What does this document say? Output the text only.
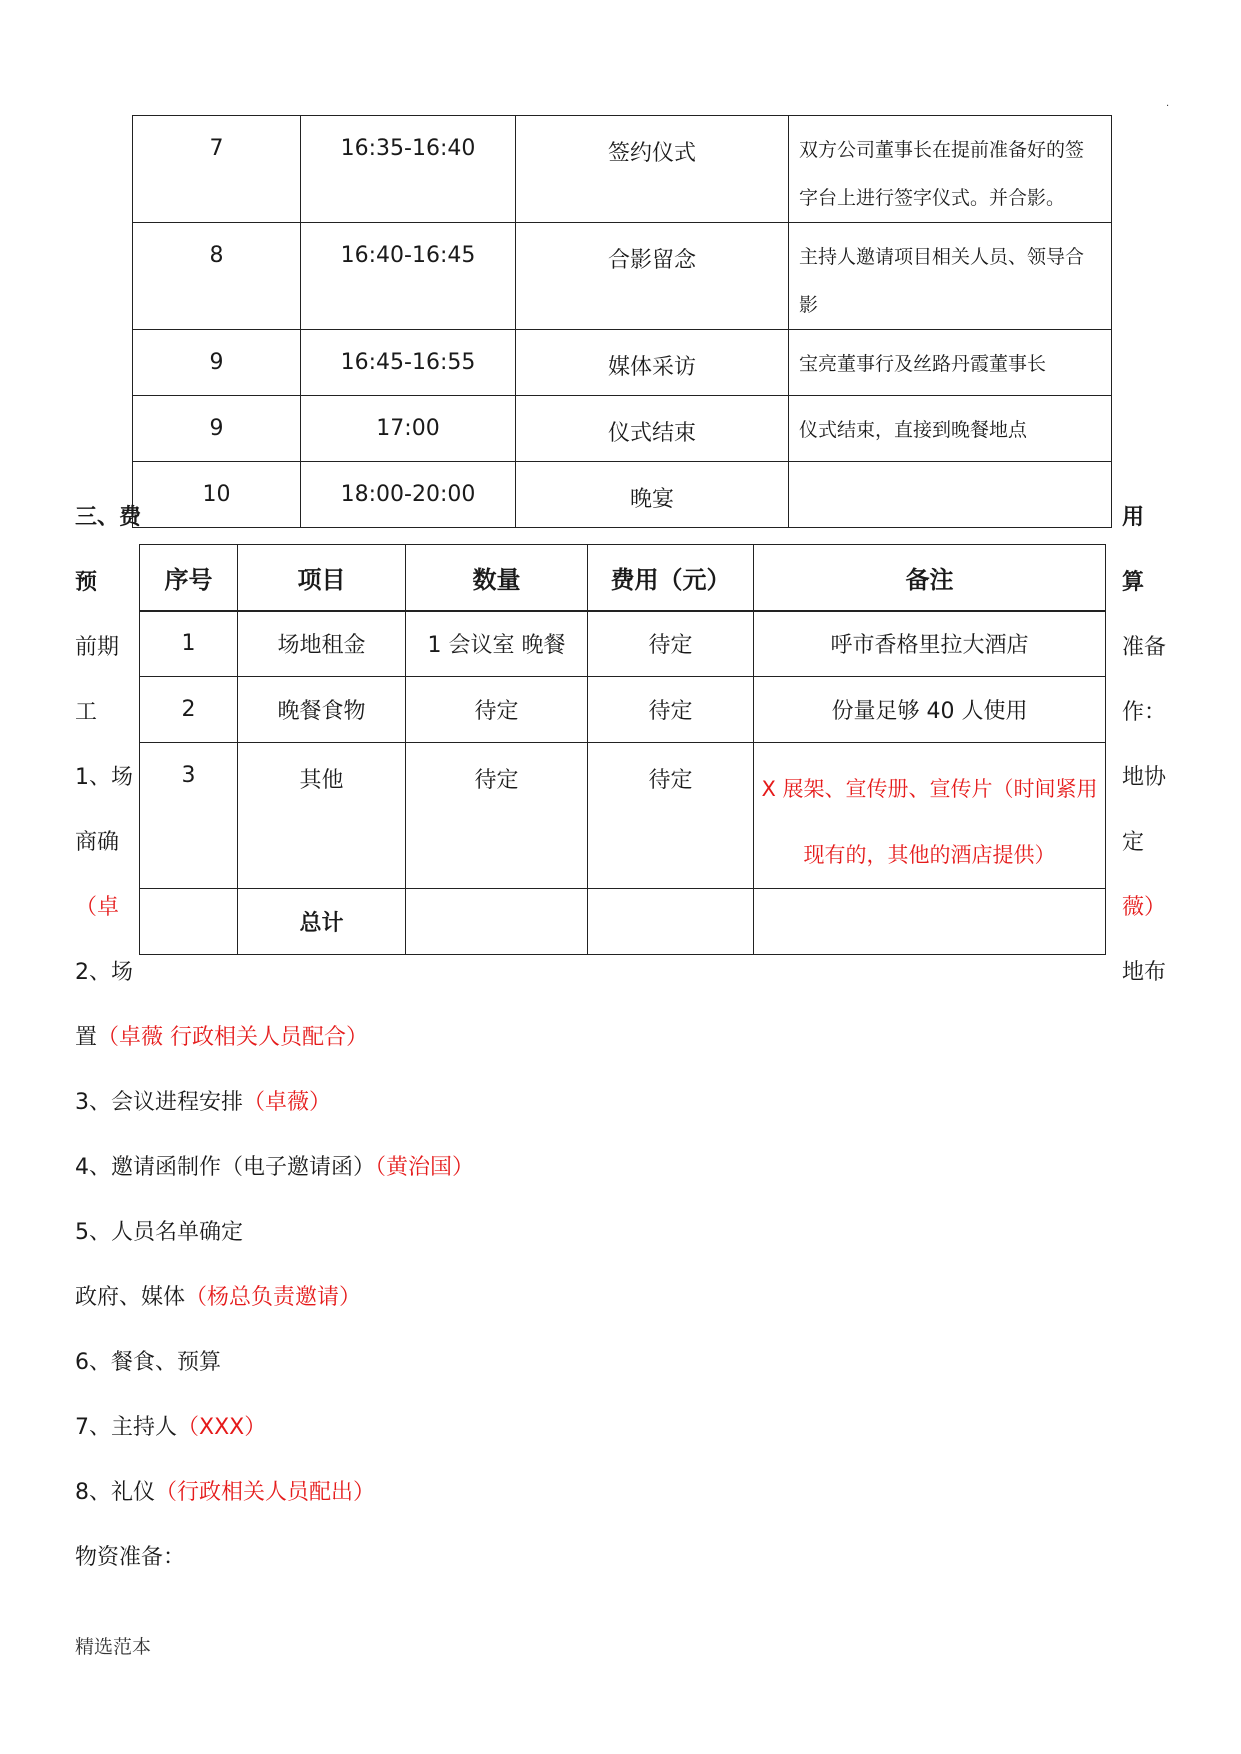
.
7	16:35-16:40	签约仪式	双方公司董事长在提前准备好的签字台上进行签字仪式。并合影。
8	16:40-16:45	合影留念	主持人邀请项目相关人员、领导合影
9	16:45-16:55	媒体采访	宝亮董事行及丝路丹霞董事长
9	17:00	仪式结束	仪式结束，直接到晚餐地点
10	18:00-20:00	晚宴	
三、费	用
预	算
前期	准备
工	作：
1、场	地协
商确	定
（卓	薇）
2、场	地布
序号	项目	数量	费用（元）	备注
1	场地租金	1 会议室 晚餐	待定	呼市香格里拉大酒店
2	晚餐食物	待定	待定	份量足够 40 人使用
3	其他	待定	待定	X 展架、宣传册、宣传片（时间紧用现有的，其他的酒店提供）
	总计			
置（卓薇 行政相关人员配合）
3、会议进程安排（卓薇）
4、邀请函制作（电子邀请函）（黄治国）
5、人员名单确定
政府、媒体（杨总负责邀请）
6、餐食、预算
7、主持人（XXX）
8、礼仪（行政相关人员配出）
物资准备：
精选范本
